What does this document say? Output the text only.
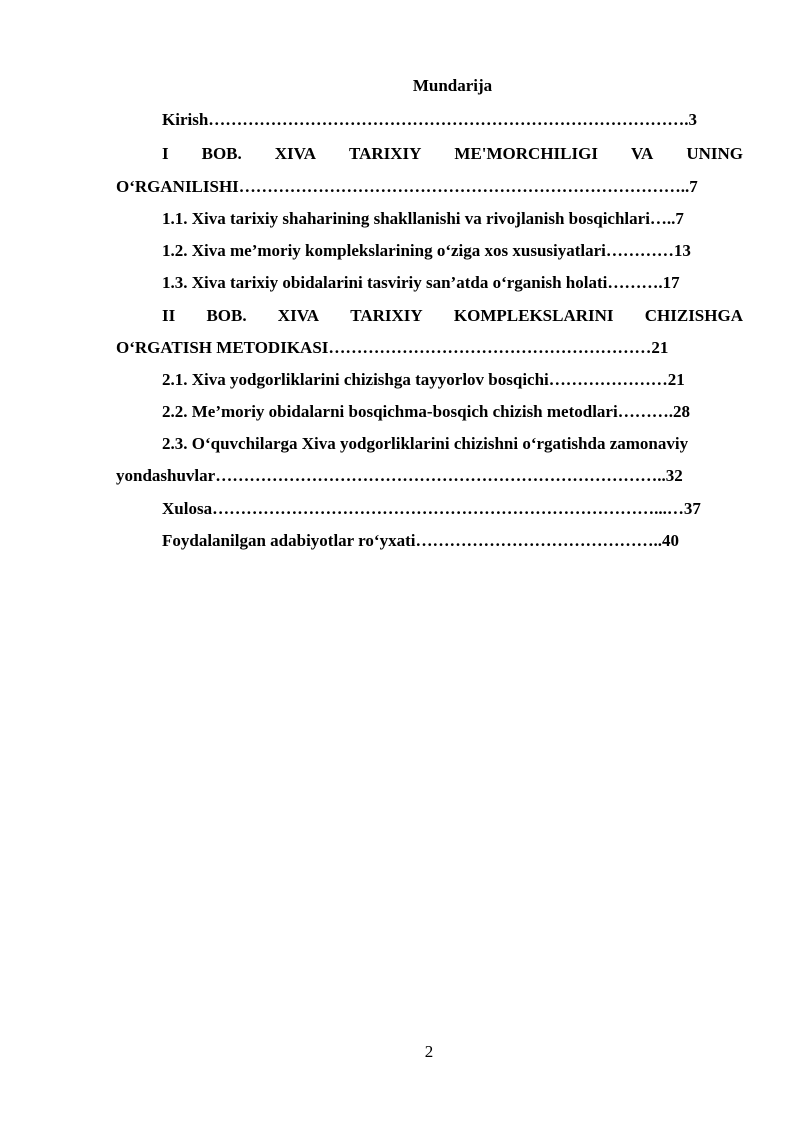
Mundarija
Kirish………………………………………………………………………….3
I BOB. XIVA TARIXIY ME'MORCHILIGI VA UNING
O‘RGANILISHI……………………………………………………………………..7
1.1. Xiva tarixiy shaharining shakllanishi va rivojlanish bosqichlari…..7
1.2. Xiva me’moriy komplekslarining o‘ziga xos xususiyatlari…………13
1.3. Xiva tarixiy obidalarini tasviriy san’atda o‘rganish holati……….17
II BOB. XIVA TARIXIY KOMPLEKSLARINI CHIZISHGA
O‘RGATISH METODIKASI…………………………………………………21
2.1. Xiva yodgorliklarini chizishga tayyorlov bosqichi…………………21
2.2. Me’moriy obidalarni bosqichma-bosqich chizish metodlari……….28
2.3. O‘quvchilarga Xiva yodgorliklarini chizishni o‘rgatishda zamonaviy
yondashuvlar……………………………………………………………………..32
Xulosa……………………………………………………………………...…37
Foydalanilgan adabiyotlar ro‘yxati……………………………………..40
2
